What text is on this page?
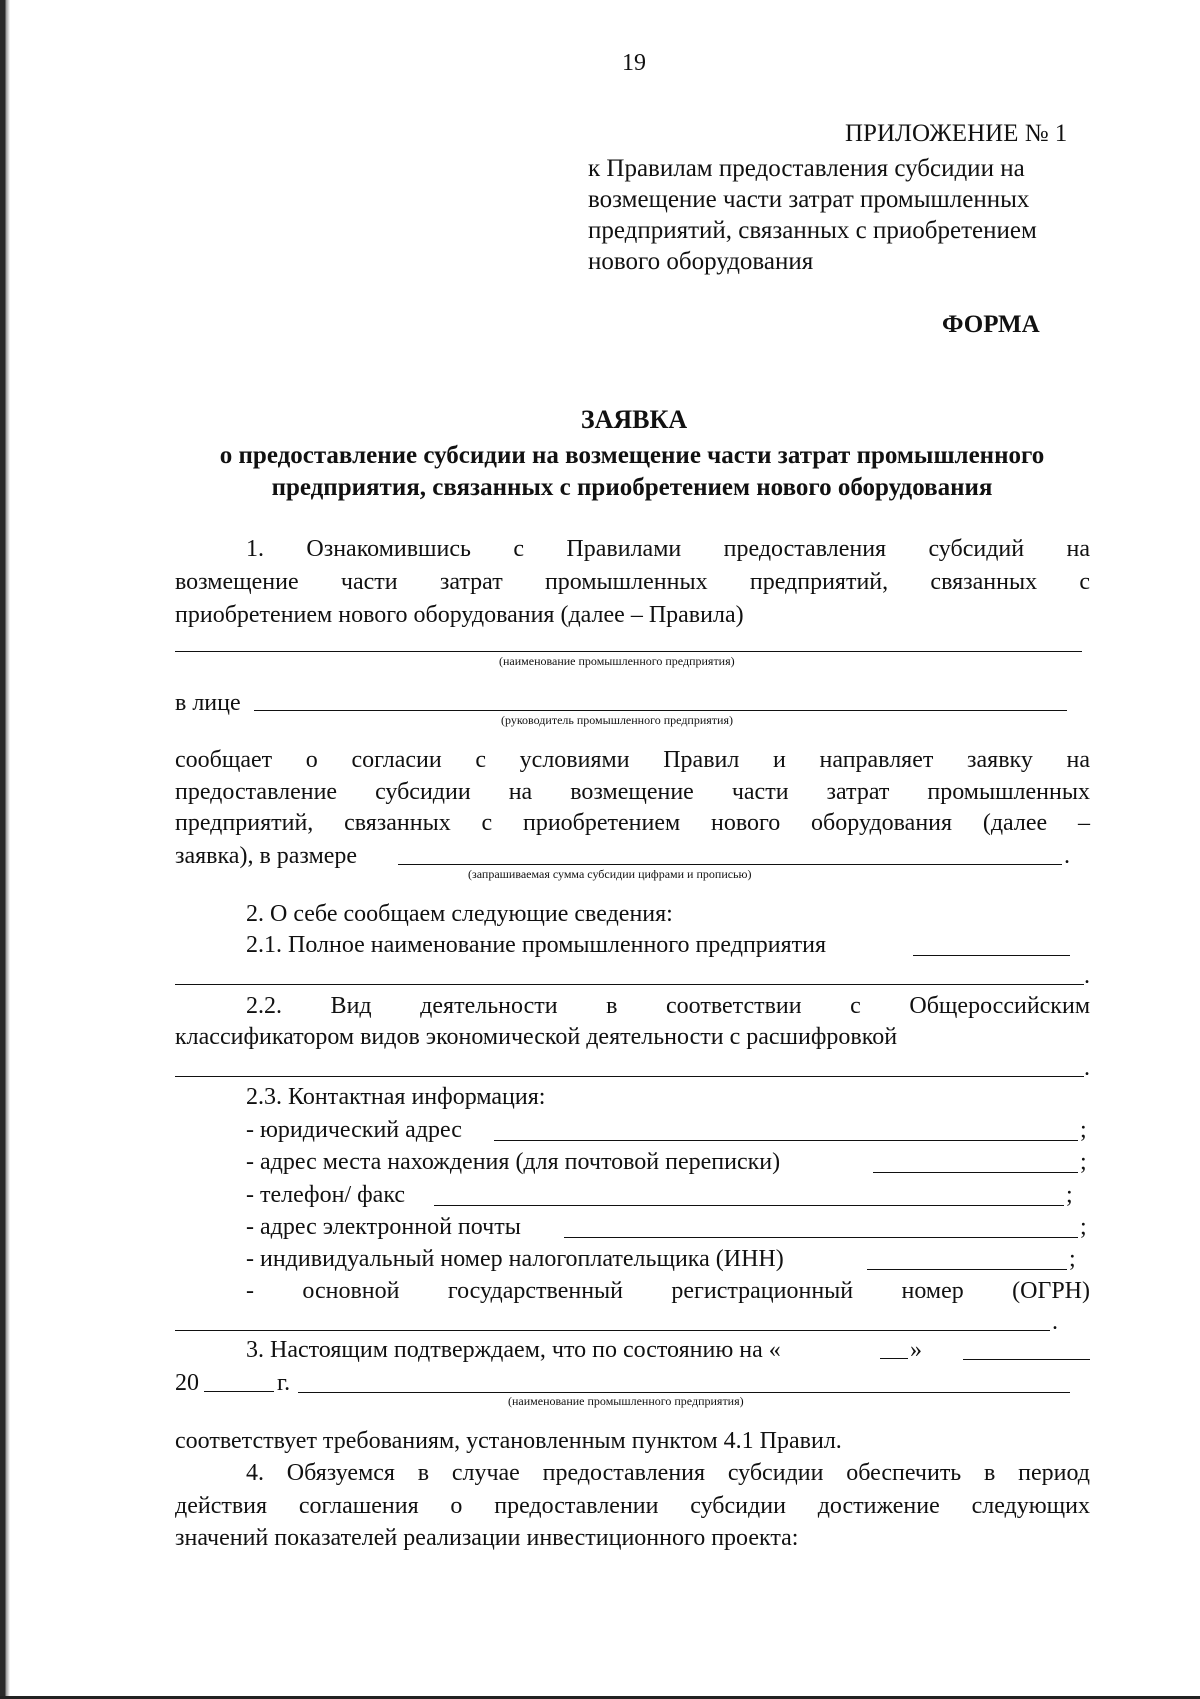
19
ПРИЛОЖЕНИЕ № 1
к Правилам предоставления субсидии на
возмещение части затрат промышленных
предприятий, связанных с приобретением
нового оборудования
ФОРМА
ЗАЯВКА
о предоставление субсидии на возмещение части затрат промышленного предприятия, связанных с приобретением нового оборудования
1. Ознакомившись с Правилами предоставления субсидий на
возмещение части затрат промышленных предприятий, связанных с
приобретением нового оборудования (далее – Правила)
(наименование промышленного предприятия)
в лице
(руководитель промышленного предприятия)
сообщает о согласии с условиями Правил и направляет заявку на
предоставление субсидии на возмещение части затрат промышленных
предприятий, связанных с приобретением нового оборудования (далее –
заявка), в размере	.
(запрашиваемая сумма субсидии цифрами и прописью)
2. О себе сообщаем следующие сведения:
2.1. Полное наименование промышленного предприятия
.
2.2. Вид деятельности в соответствии с Общероссийским
классификатором видов экономической деятельности с расшифровкой
.
2.3. Контактная информация:
- юридический адрес	;
- адрес места нахождения (для почтовой переписки)	;
- телефон/ факс	;
- адрес электронной почты	;
- индивидуальный номер налогоплательщика (ИНН)	;
- основной государственный регистрационный номер (ОГРН)
.
3. Настоящим подтверждаем, что по состоянию на «	»
20	г.
(наименование промышленного предприятия)
соответствует требованиям, установленным пунктом 4.1 Правил.
4. Обязуемся в случае предоставления субсидии обеспечить в период
действия соглашения о предоставлении субсидии достижение следующих
значений показателей реализации инвестиционного проекта:
